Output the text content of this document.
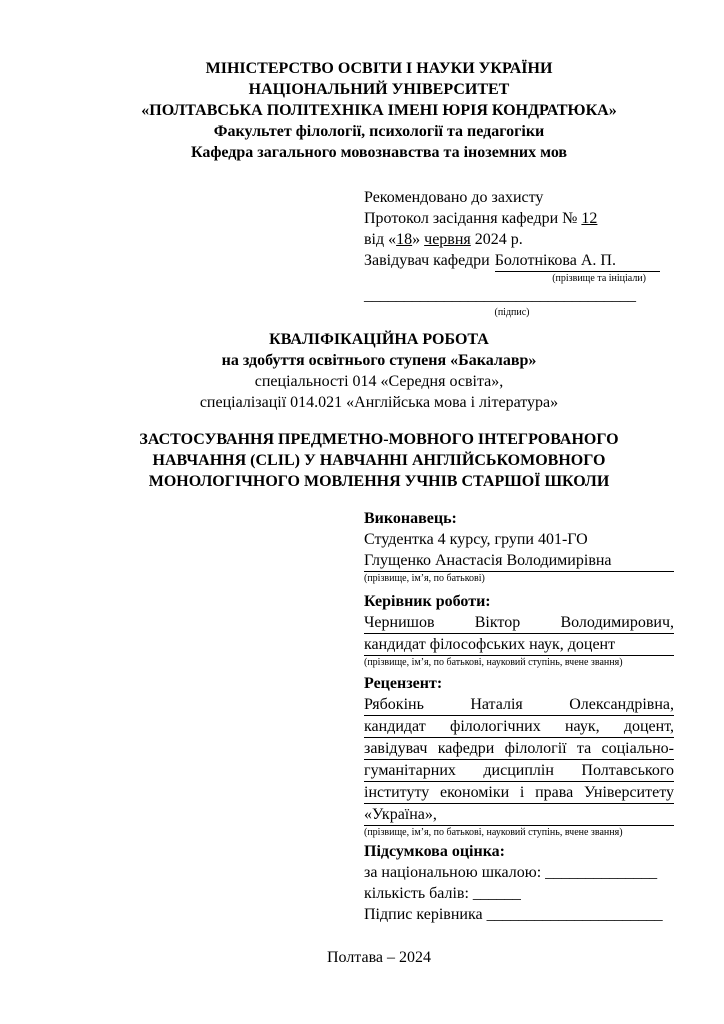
МІНІСТЕРСТВО ОСВІТИ І НАУКИ УКРАЇНИ
НАЦІОНАЛЬНИЙ УНІВЕРСИТЕТ
«ПОЛТАВСЬКА ПОЛІТЕХНІКА ІМЕНІ ЮРІЯ КОНДРАТЮКА»
Факультет філології, психології та педагогіки
Кафедра загального мовознавства та іноземних мов
Рекомендовано до захисту
Протокол засідання кафедри № 12
від «18» червня 2024 р.
Завідувач кафедри Болотнікова А. П.
(прізвище та ініціали)
__________________________________
(підпис)
КВАЛІФІКАЦІЙНА РОБОТА
на здобуття освітнього ступеня «Бакалавр»
спеціальності 014 «Середня освіта»,
спеціалізації 014.021 «Англійська мова і література»
ЗАСТОСУВАННЯ ПРЕДМЕТНО-МОВНОГО ІНТЕГРОВАНОГО
НАВЧАННЯ (CLIL) У НАВЧАННІ АНГЛІЙСЬКОМОВНОГО
МОНОЛОГІЧНОГО МОВЛЕННЯ УЧНІВ СТАРШОЇ ШКОЛИ
Виконавець:
Студентка 4 курсу, групи 401-ГО
Глущенко Анастасія Володимирівна
(прізвище, ім’я, по батькові)
Керівник роботи:
Чернишов Віктор Володимирович,
кандидат філософських наук, доцент
(прізвище, ім’я, по батькові, науковий ступінь, вчене звання)
Рецензент:
Рябокінь Наталія Олександрівна,
кандидат філологічних наук, доцент,
завідувач кафедри філології та соціально-
гуманітарних дисциплін Полтавського
інституту економіки і права Університету
«Україна»,
(прізвище, ім’я, по батькові, науковий ступінь, вчене звання)
Підсумкова оцінка:
за національною шкалою: ______________
кількість балів: ______
Підпис керівника ______________________
Полтава – 2024
